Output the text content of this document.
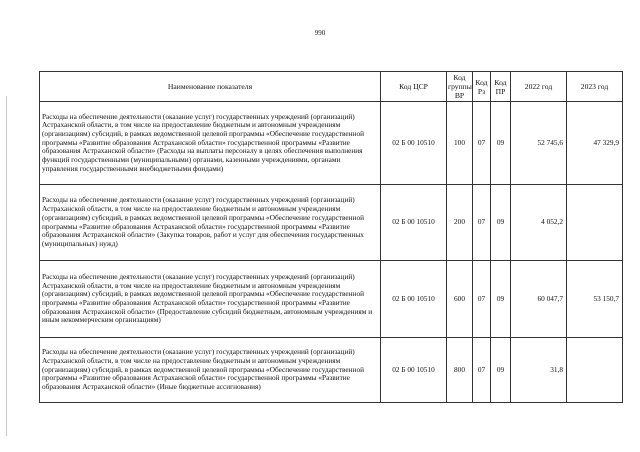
990
Наименование показателя	Код ЦСР	Код группы ВР	Код Рз	Код ПР	2022 год	2023 год
Расходы на обеспечение деятельности (оказание услуг) государственных учреждений (организаций) Астраханской области, в том числе на предоставление бюджетным и автономным учреждениям (организациям) субсидий, в рамках ведомственной целевой программы «Обеспечение государственной программы «Развитие образования Астраханской области» государственной программы «Развитие образования Астраханской области» (Расходы на выплаты персоналу в целях обеспечения выполнения функций государственными (муниципальными) органами, казенными учреждениями, органами управления государственными внебюджетными фондами)	02 Б 00 10510	100	07	09	52 745,6	47 329,9
Расходы на обеспечение деятельности (оказание услуг) государственных учреждений (организаций) Астраханской области, в том числе на предоставление бюджетным и автономным учреждениям (организациям) субсидий, в рамках ведомственной целевой программы «Обеспечение государственной программы «Развитие образования Астраханской области» государственной программы «Развитие образования Астраханской области» (Закупка товаров, работ и услуг для обеспечения государственных (муниципальных) нужд)	02 Б 00 10510	200	07	09	4 052,2	
Расходы на обеспечение деятельности (оказание услуг) государственных учреждений (организаций) Астраханской области, в том числе на предоставление бюджетным и автономным учреждениям (организациям) субсидий, в рамках ведомственной целевой программы «Обеспечение государственной программы «Развитие образования Астраханской области» государственной программы «Развитие образования Астраханской области» (Предоставление субсидий бюджетным, автономным учреждениям и иным некоммерческим организациям)	02 Б 00 10510	600	07	09	60 047,7	53 150,7
Расходы на обеспечение деятельности (оказание услуг) государственных учреждений (организаций) Астраханской области, в том числе на предоставление бюджетным и автономным учреждениям (организациям) субсидий, в рамках ведомственной целевой программы «Обеспечение государственной программы «Развитие образования Астраханской области» государственной программы «Развитие образования Астраханской области» (Иные бюджетные ассигнования)	02 Б 00 10510	800	07	09	31,8	
